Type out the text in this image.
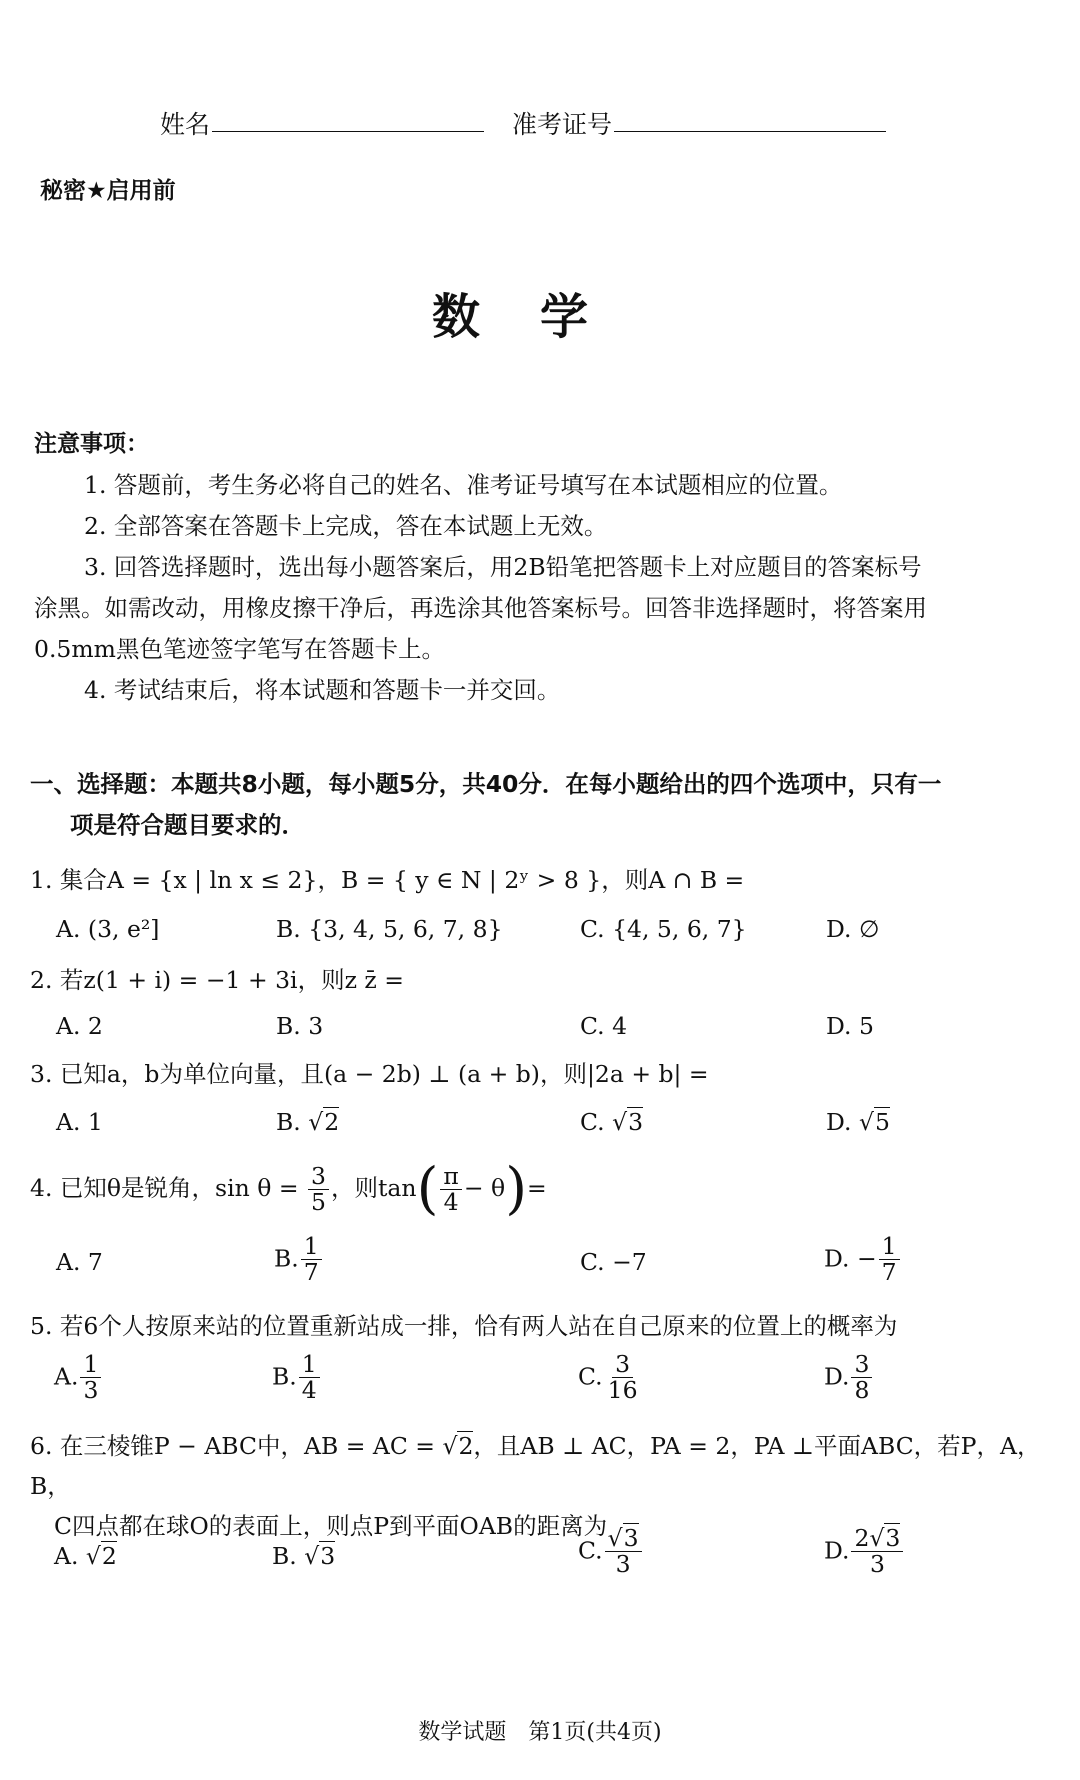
姓名	准考证号
秘密★启用前
数学
注意事项：
1. 答题前，考生务必将自己的姓名、准考证号填写在本试题相应的位置。
2. 全部答案在答题卡上完成，答在本试题上无效。
3. 回答选择题时，选出每小题答案后，用2B铅笔把答题卡上对应题目的答案标号
涂黑。如需改动，用橡皮擦干净后，再选涂其他答案标号。回答非选择题时，将答案用
0.5mm黑色笔迹签字笔写在答题卡上。
4. 考试结束后，将本试题和答题卡一并交回。
一、选择题：本题共8小题，每小题5分，共40分．在每小题给出的四个选项中，只有一
项是符合题目要求的．
1. 集合A = {x | ln x ≤ 2}，B = { y ∈ N | 2ʸ > 8 }，则A ∩ B =
A. (3, e²]	B. {3, 4, 5, 6, 7, 8}	C. {4, 5, 6, 7}	D. ∅
2. 若z(1 + i) = −1 + 3i，则z z̄ =
A. 2	B. 3	C. 4	D. 5
3. 已知a，b为单位向量，且(a − 2b) ⊥ (a + b)，则|2a + b| =
A. 1	B. √2	C. √3	D. √5
4. 已知θ是锐角，$\sin \theta = \frac{3}{5}$ ，则$\tan( \frac{\pi}{4} - \theta)=$
A. 7	B. $\frac{1}{7}$	C. −7	D. − $\frac{1}{7}$
5. 若6个人按原来站的位置重新站成一排，恰有两人站在自己原来的位置上的概率为
A. $\frac{1}{3}$	B. $\frac{1}{4}$	C. $\frac{3}{16}$	D. $\frac{3}{8}$
6. 在三棱锥P − ABC中，AB = AC = √2，且AB ⊥ AC，PA = 2，PA ⊥平面ABC，若P，A，B，
C四点都在球O的表面上，则点P到平面OAB的距离为
A. √2	B. √3	C. $\frac{√3}{3}$	D. $\frac{2√3}{3}$
数学试题　第1页(共4页)
